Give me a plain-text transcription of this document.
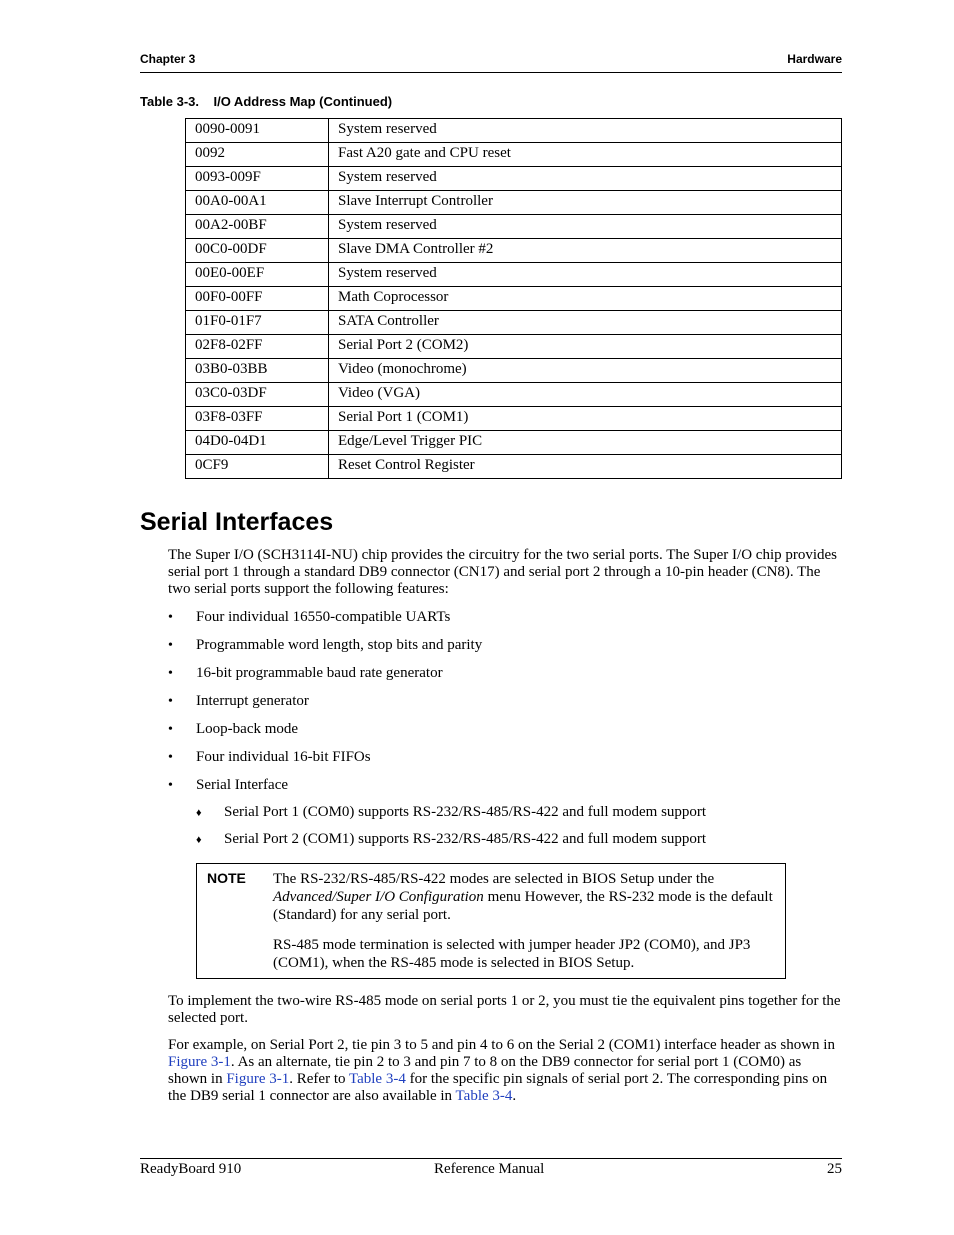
Chapter 3	Hardware
Table 3-3. I/O Address Map (Continued)
0090-0091	System reserved
0092	Fast A20 gate and CPU reset
0093-009F	System reserved
00A0-00A1	Slave Interrupt Controller
00A2-00BF	System reserved
00C0-00DF	Slave DMA Controller #2
00E0-00EF	System reserved
00F0-00FF	Math Coprocessor
01F0-01F7	SATA Controller
02F8-02FF	Serial Port 2 (COM2)
03B0-03BB	Video (monochrome)
03C0-03DF	Video (VGA)
03F8-03FF	Serial Port 1 (COM1)
04D0-04D1	Edge/Level Trigger PIC
0CF9	Reset Control Register
Serial Interfaces

The Super I/O (SCH3114I-NU) chip provides the circuitry for the two serial ports. The Super I/O chip provides serial port 1 through a standard DB9 connector (CN17) and serial port 2 through a 10-pin header (CN8). The two serial ports support the following features:

• Four individual 16550-compatible UARTs
• Programmable word length, stop bits and parity
• 16-bit programmable baud rate generator
• Interrupt generator
• Loop-back mode
• Four individual 16-bit FIFOs
• Serial Interface
♦ Serial Port 1 (COM0) supports RS-232/RS-485/RS-422 and full modem support
♦ Serial Port 2 (COM1) supports RS-232/RS-485/RS-422 and full modem support
NOTE The RS-232/RS-485/RS-422 modes are selected in BIOS Setup under the Advanced/Super I/O Configuration menu However, the RS-232 mode is the default (Standard) for any serial port.

RS-485 mode termination is selected with jumper header JP2 (COM0), and JP3 (COM1), when the RS-485 mode is selected in BIOS Setup.

To implement the two-wire RS-485 mode on serial ports 1 or 2, you must tie the equivalent pins together for the selected port.

For example, on Serial Port 2, tie pin 3 to 5 and pin 4 to 6 on the Serial 2 (COM1) interface header as shown in Figure 3-1. As an alternate, tie pin 2 to 3 and pin 7 to 8 on the DB9 connector for serial port 1 (COM0) as shown in Figure 3-1. Refer to Table 3-4 for the specific pin signals of serial port 2. The corresponding pins on the DB9 serial 1 connector are also available in Table 3-4.

ReadyBoard 910	Reference Manual	25
